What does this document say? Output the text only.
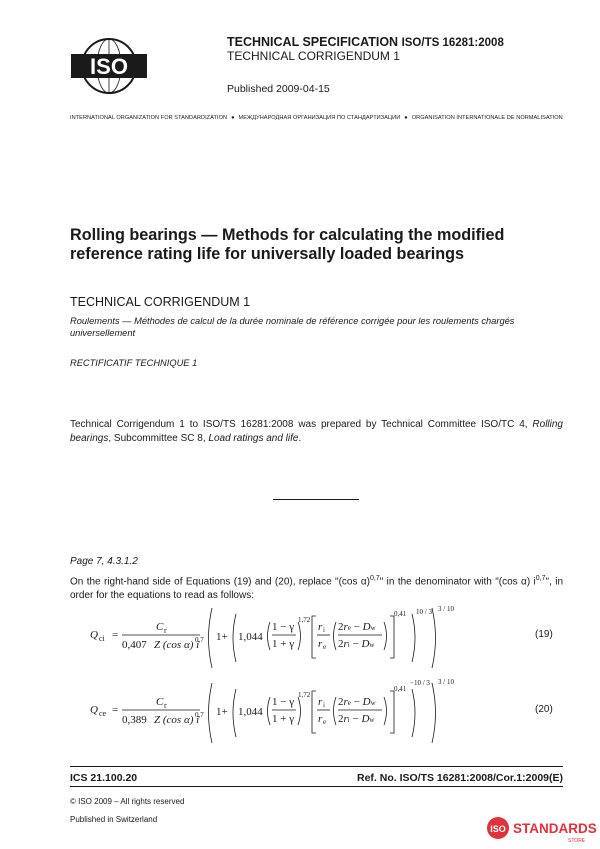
ISO
TECHNICAL SPECIFICATION ISO/TS 16281:2008
TECHNICAL CORRIGENDUM 1
Published 2009-04-15
INTERNATIONAL ORGANIZATION FOR STANDARDIZATION ● МЕЖДУНАРОДНАЯ ОРГАНИЗАЦИЯ ПО СТАНДАРТИЗАЦИИ ● ORGANISATION INTERNATIONALE DE NORMALISATION
Rolling bearings — Methods for calculating the modified reference rating life for universally loaded bearings
TECHNICAL CORRIGENDUM 1
Roulements — Méthodes de calcul de la durée nominale de référence corrigée pour les roulements chargés universellement
RECTIFICATIF TECHNIQUE 1
Technical Corrigendum 1 to ISO/TS 16281:2008 was prepared by Technical Committee ISO/TC 4, Rolling bearings, Subcommittee SC 8, Load ratings and life.
Page 7, 4.3.1.2
On the right-hand side of Equations (19) and (20), replace "(cos α)$^{0,7}$" in the denominator with "(cos α) $i^{0,7}$", in order for the equations to read as follows:
Q ci =
C r
0,407 Z (cos α) i
0,7 1+ 1,044
1 − γ
1 + γ
1,72
r i
r e
2re − Dw
2ri − Dw
0,41 10 / 3 3 / 10
(19)
Q ce =
C r
0,389 Z (cos α) i
0,7 1+ 1,044
1 − γ
1 + γ
1,72
r i
r e
2re − Dw
2ri − Dw
0,41
−10 / 3 3 / 10
(20)
ICS 21.100.20	Ref. No. ISO/TS 16281:2008/Cor.1:2009(E)
© ISO 2009 – All rights reserved
Published in Switzerland
ISO STANDARDS
STORE
